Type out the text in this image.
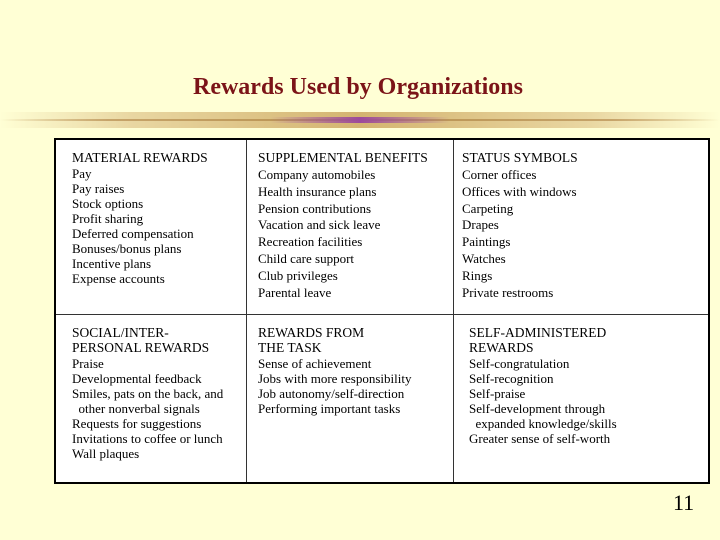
Rewards Used by Organizations
MATERIAL REWARDS
Pay
Pay raises
Stock options
Profit sharing
Deferred compensation
Bonuses/bonus plans
Incentive plans
Expense accounts
SUPPLEMENTAL BENEFITS
Company automobiles
Health insurance plans
Pension contributions
Vacation and sick leave
Recreation facilities
Child care support
Club privileges
Parental leave
STATUS SYMBOLS
Corner offices
Offices with windows
Carpeting
Drapes
Paintings
Watches
Rings
Private restrooms
SOCIAL/INTER-
PERSONAL REWARDS
Praise
Developmental feedback
Smiles, pats on the back, and
other nonverbal signals
Requests for suggestions
Invitations to coffee or lunch
Wall plaques
REWARDS FROM
THE TASK
Sense of achievement
Jobs with more responsibility
Job autonomy/self-direction
Performing important tasks
SELF-ADMINISTERED
REWARDS
Self-congratulation
Self-recognition
Self-praise
Self-development through
expanded knowledge/skills
Greater sense of self-worth
11
